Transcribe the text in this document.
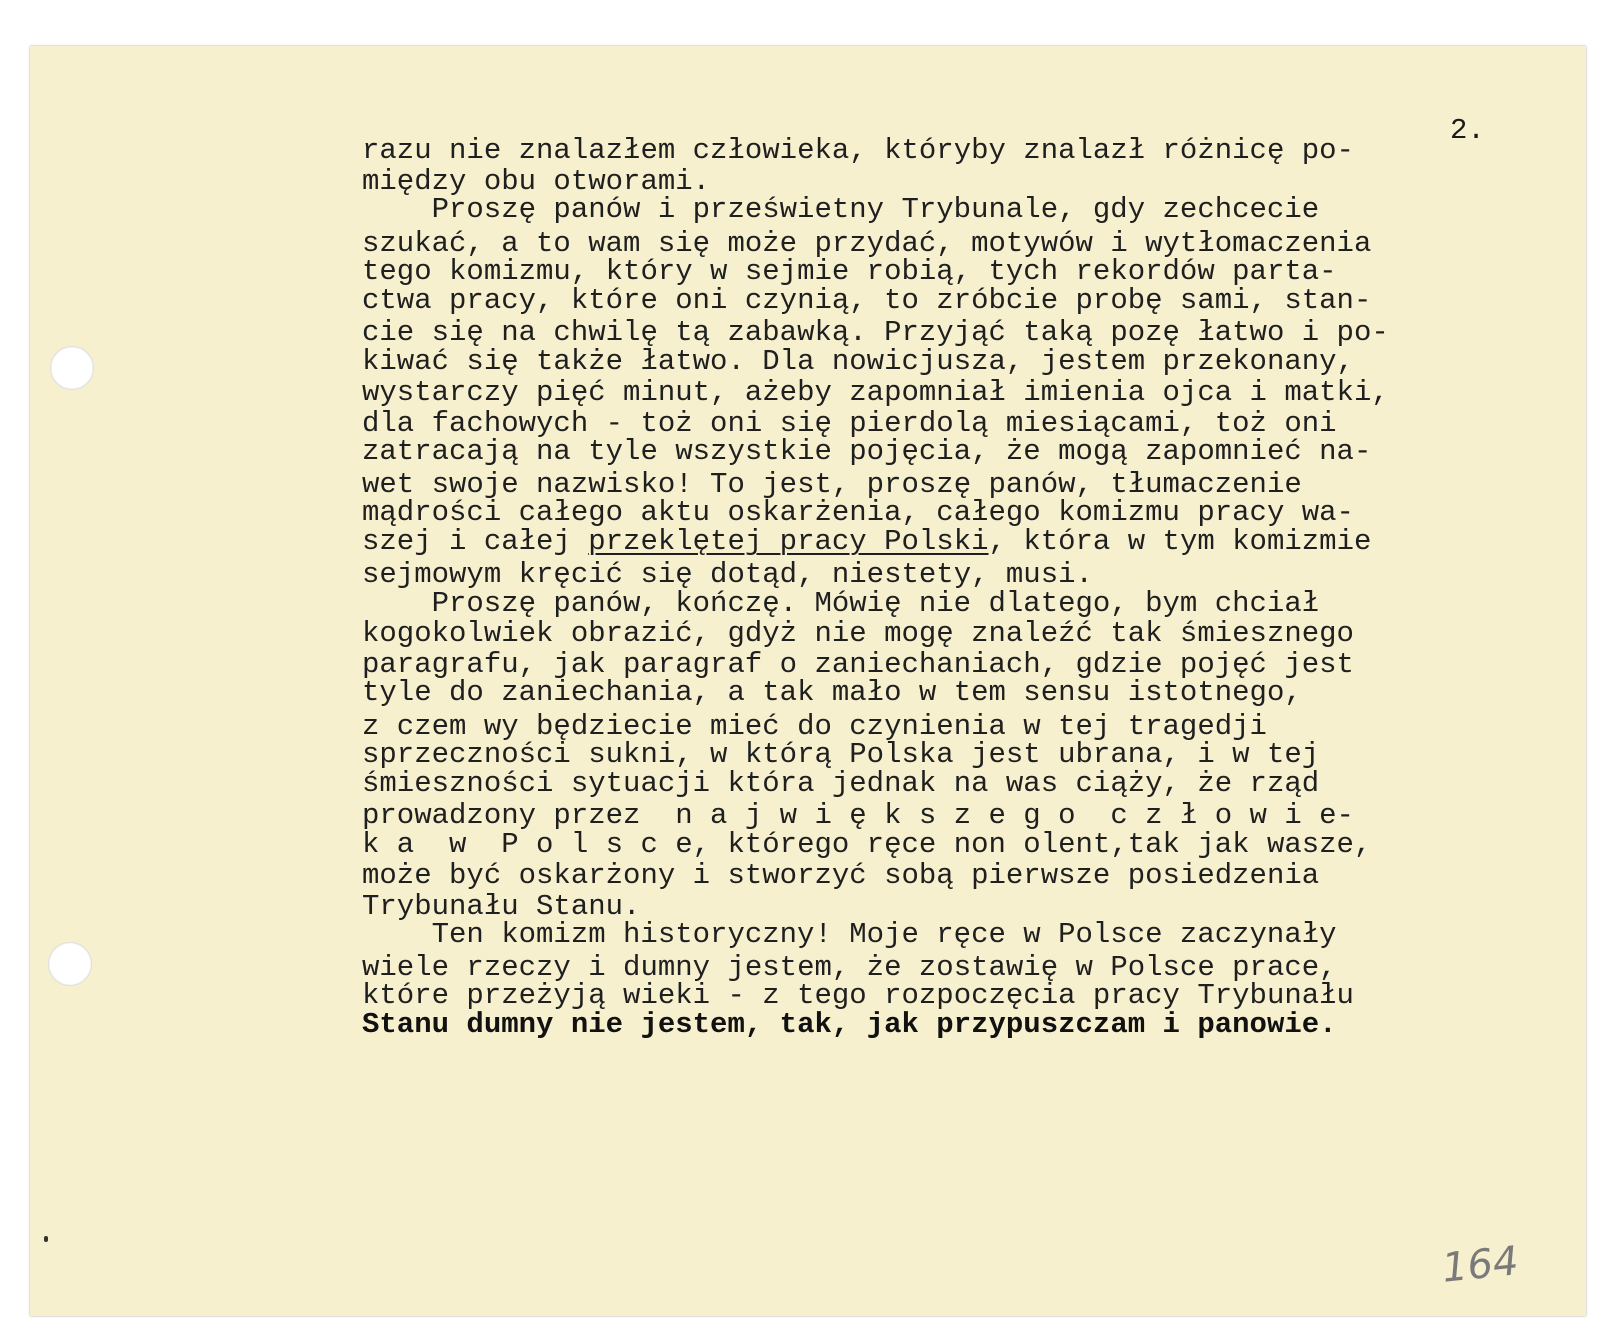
2.
razu nie znalazłem człowieka, któryby znalazł różnicę po-
między obu otworami.
Proszę panów i prześwietny Trybunale, gdy zechcecie
szukać, a to wam się może przydać, motywów i wytłomaczenia
tego komizmu, który w sejmie robią, tych rekordów parta-
ctwa pracy, które oni czynią, to zróbcie probę sami, stan-
cie się na chwilę tą zabawką. Przyjąć taką pozę łatwo i po-
kiwać się także łatwo. Dla nowicjusza, jestem przekonany,
wystarczy pięć minut, ażeby zapomniał imienia ojca i matki,
dla fachowych - toż oni się pierdolą miesiącami, toż oni
zatracają na tyle wszystkie pojęcia, że mogą zapomnieć na-
wet swoje nazwisko! To jest, proszę panów, tłumaczenie
mądrości całego aktu oskarżenia, całego komizmu pracy wa-
szej i całej przeklętej pracy Polski, która w tym komizmie
sejmowym kręcić się dotąd, niestety, musi.
Proszę panów, kończę. Mówię nie dlatego, bym chciał
kogokolwiek obrazić, gdyż nie mogę znaleźć tak śmiesznego
paragrafu, jak paragraf o zaniechaniach, gdzie pojęć jest
tyle do zaniechania, a tak mało w tem sensu istotnego,
z czem wy będziecie mieć do czynienia w tej tragedji
sprzeczności sukni, w którą Polska jest ubrana, i w tej
śmieszności sytuacji która jednak na was ciąży, że rząd
prowadzony przez  n a j w i ę k s z e g o  c z ł o w i e-
k a  w  P o l s c e, którego ręce non olent,tak jak wasze,
może być oskarżony i stworzyć sobą pierwsze posiedzenia
Trybunału Stanu.
Ten komizm historyczny! Moje ręce w Polsce zaczynały
wiele rzeczy i dumny jestem, że zostawię w Polsce prace,
które przeżyją wieki - z tego rozpoczęcia pracy Trybunału
Stanu dumny nie jestem, tak, jak przypuszczam i panowie.
164
